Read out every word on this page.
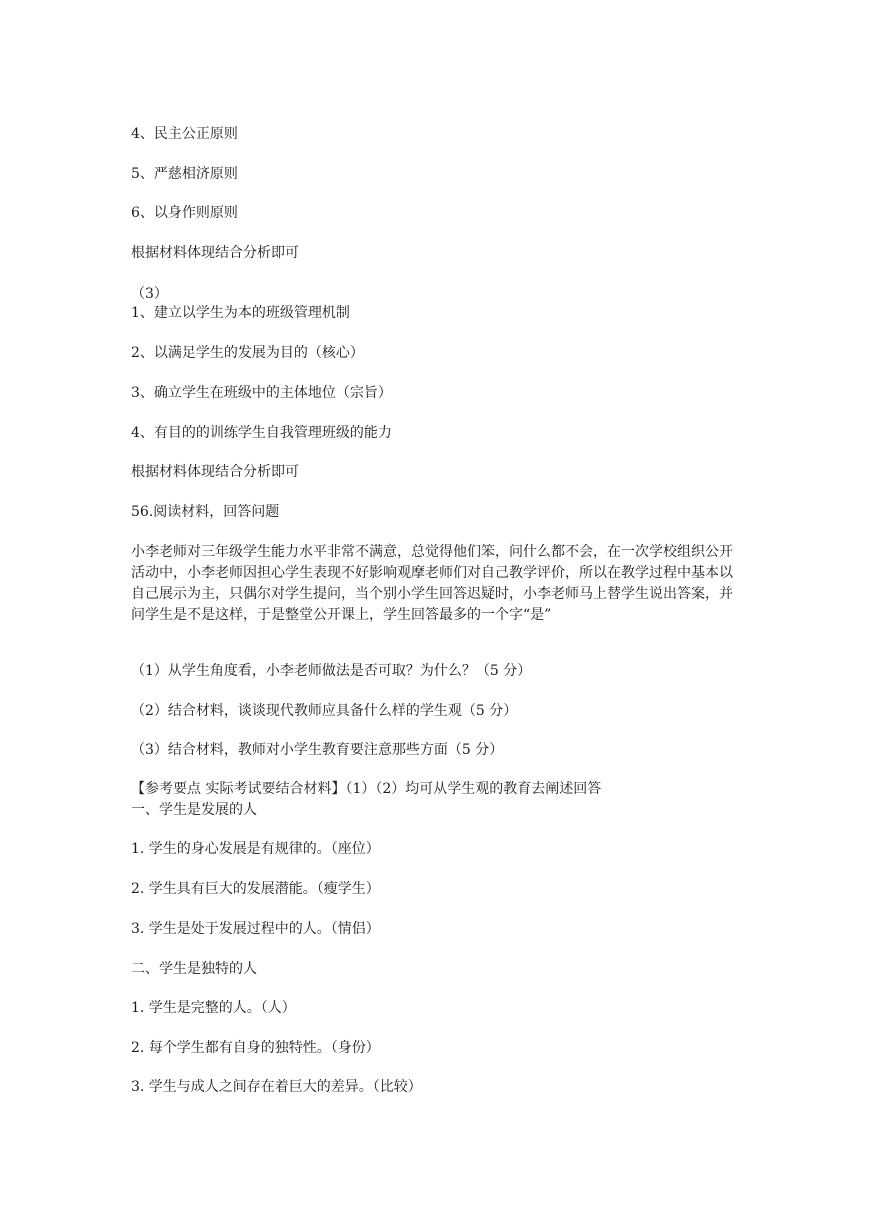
4、民主公正原则
5、严慈相济原则
6、以身作则原则
根据材料体现结合分析即可
（3）
1、建立以学生为本的班级管理机制
2、以满足学生的发展为目的（核心）
3、确立学生在班级中的主体地位（宗旨）
4、有目的的训练学生自我管理班级的能力
根据材料体现结合分析即可
56.阅读材料，回答问题
小李老师对三年级学生能力水平非常不满意，总觉得他们笨，问什么都不会，在一次学校组织公开活动中，小李老师因担心学生表现不好影响观摩老师们对自己教学评价，所以在教学过程中基本以自己展示为主，只偶尔对学生提问，当个别小学生回答迟疑时，小李老师马上替学生说出答案，并问学生是不是这样，于是整堂公开课上，学生回答最多的一个字“是”
（1）从学生角度看，小李老师做法是否可取？为什么？（5 分）
（2）结合材料，谈谈现代教师应具备什么样的学生观（5 分）
（3）结合材料，教师对小学生教育要注意那些方面（5 分）
【参考要点 实际考试要结合材料】（1）（2）均可从学生观的教育去阐述回答
一、学生是发展的人
1. 学生的身心发展是有规律的。（座位）
2. 学生具有巨大的发展潜能。（瘦学生）
3. 学生是处于发展过程中的人。（情侣）
二、学生是独特的人
1. 学生是完整的人。（人）
2. 每个学生都有自身的独特性。（身份）
3. 学生与成人之间存在着巨大的差异。（比较）
